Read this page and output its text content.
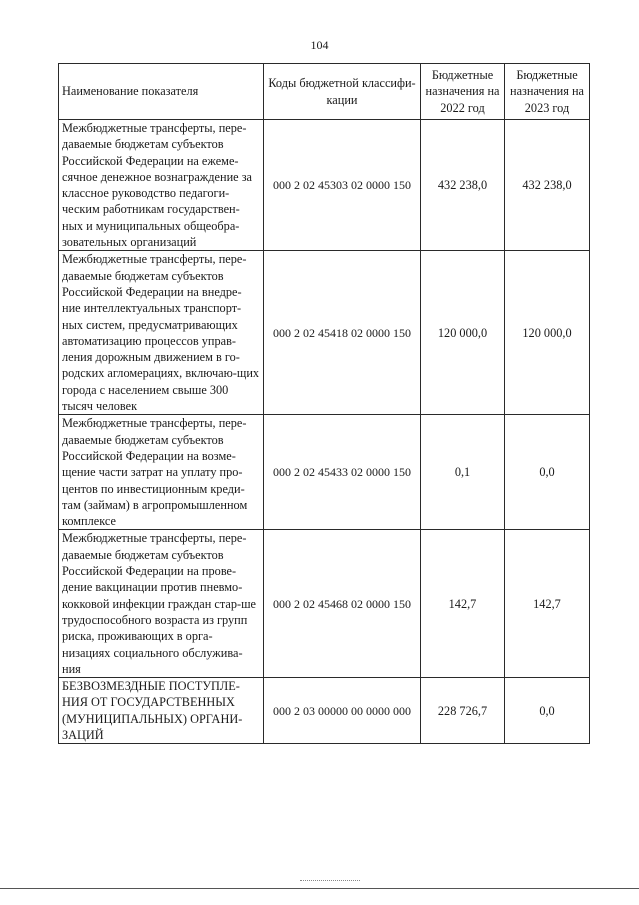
104
Наименование показателя	Коды бюджетной классифи-кации	Бюджетные назначения на 2022 год	Бюджетные назначения на 2023 год
Межбюджетные трансферты, пере-даваемые бюджетам субъектов Российской Федерации на ежеме-сячное денежное вознаграждение за классное руководство педагоги-ческим работникам государствен-ных и муниципальных общеобра-зовательных организаций	000 2 02 45303 02 0000 150	432 238,0	432 238,0
Межбюджетные трансферты, пере-даваемые бюджетам субъектов Российской Федерации на внедре-ние интеллектуальных транспорт-ных систем, предусматривающих автоматизацию процессов управ-ления дорожным движением в го-родских агломерациях, включаю-щих города с населением свыше 300 тысяч человек	000 2 02 45418 02 0000 150	120 000,0	120 000,0
Межбюджетные трансферты, пере-даваемые бюджетам субъектов Российской Федерации на возме-щение части затрат на уплату про-центов по инвестиционным креди-там (займам) в агропромышленном комплексе	000 2 02 45433 02 0000 150	0,1	0,0
Межбюджетные трансферты, пере-даваемые бюджетам субъектов Российской Федерации на прове-дение вакцинации против пневмо-кокковой инфекции граждан стар-ше трудоспособного возраста из групп риска, проживающих в орга-низациях социального обслужива-ния	000 2 02 45468 02 0000 150	142,7	142,7
БЕЗВОЗМЕЗДНЫЕ ПОСТУПЛЕ-НИЯ ОТ ГОСУДАРСТВЕННЫХ (МУНИЦИПАЛЬНЫХ) ОРГАНИ-ЗАЦИЙ	000 2 03 00000 00 0000 000	228 726,7	0,0
